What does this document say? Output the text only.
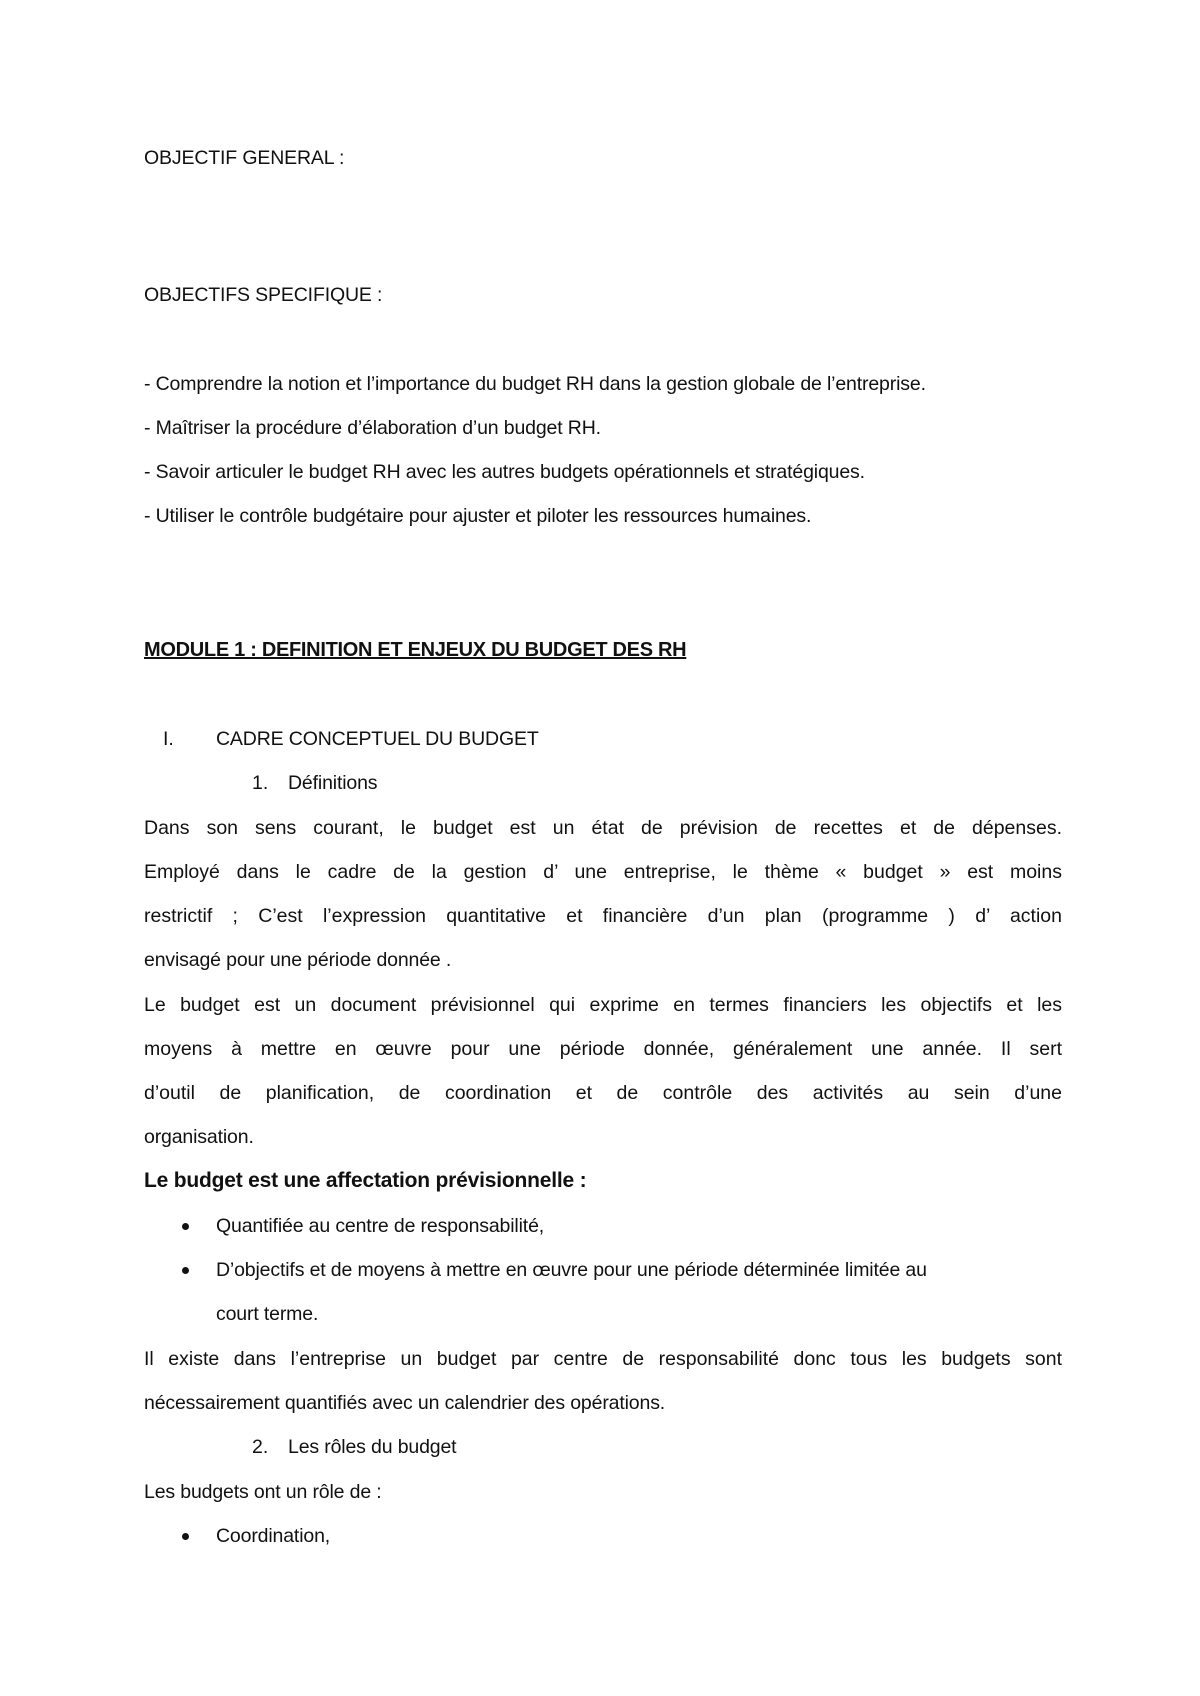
OBJECTIF GENERAL :
OBJECTIFS SPECIFIQUE :
- Comprendre la notion et l’importance du budget RH dans la gestion globale de l’entreprise.
- Maîtriser la procédure d’élaboration d’un budget RH.
- Savoir articuler le budget RH avec les autres budgets opérationnels et stratégiques.
- Utiliser le contrôle budgétaire pour ajuster et piloter les ressources humaines.
MODULE 1 : DEFINITION ET ENJEUX DU BUDGET DES RH
I. CADRE CONCEPTUEL DU BUDGET
1. Définitions
Dans son sens courant, le budget est un état de prévision de recettes et de dépenses.
Employé dans le cadre de la gestion d’ une entreprise, le thème « budget » est moins
restrictif ; C’est l’expression quantitative et financière d’un plan (programme ) d’ action
envisagé pour une période donnée .
Le budget est un document prévisionnel qui exprime en termes financiers les objectifs et les
moyens à mettre en œuvre pour une période donnée, généralement une année. Il sert
d’outil de planification, de coordination et de contrôle des activités au sein d’une
organisation.
Le budget est une affectation prévisionnelle :
Quantifiée au centre de responsabilité,
D’objectifs et de moyens à mettre en œuvre pour une période déterminée limitée au
court terme.
Il existe dans l’entreprise un budget par centre de responsabilité donc tous les budgets sont
nécessairement quantifiés avec un calendrier des opérations.
2. Les rôles du budget
Les budgets ont un rôle de :
Coordination,
